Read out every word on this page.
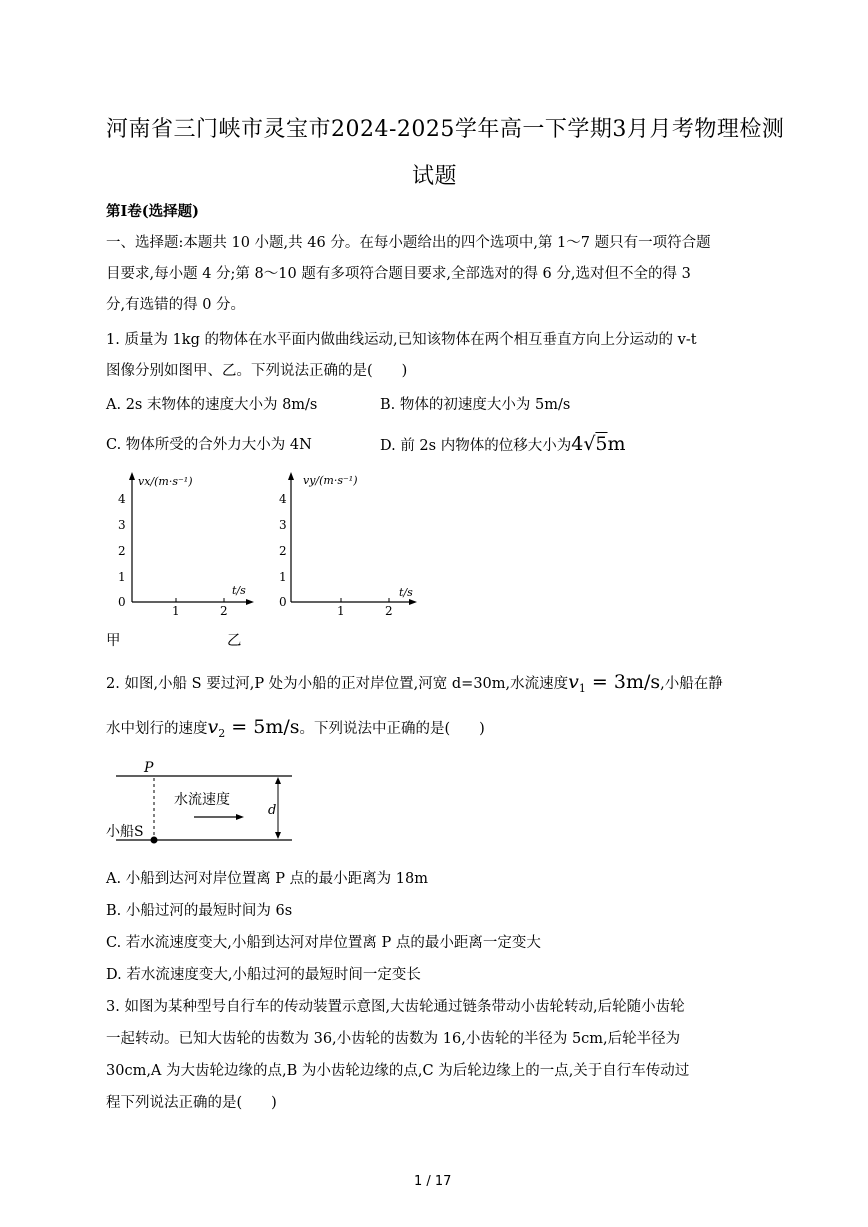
河南省三门峡市灵宝市2024-2025学年高一下学期3月月考物理检测
试题
第Ⅰ卷(选择题)
一、选择题:本题共 10 小题,共 46 分。在每小题给出的四个选项中,第 1～7 题只有一项符合题
目要求,每小题 4 分;第 8～10 题有多项符合题目要求,全部选对的得 6 分,选对但不全的得 3
分,有选错的得 0 分。
1. 质量为 1kg 的物体在水平面内做曲线运动,已知该物体在两个相互垂直方向上分运动的 v-t
图像分别如图甲、乙。下列说法正确的是(　　)
A. 2s 末物体的速度大小为 8m/s	B. 物体的初速度大小为 5m/s
C. 物体所受的合外力大小为 4N	D. 前 2s 内物体的位移大小为4√5m
vx/(m·s⁻¹)
t/s
4
3
2
1
0
1	2
vy/(m·s⁻¹)
t/s
4
3
2
1
0
1	2
甲	乙
2. 如图,小船 S 要过河,P 处为小船的正对岸位置,河宽 d=30m,水流速度$v_1 = 3m/s$,小船在静
水中划行的速度$v_2 = 5m/s$。下列说法中正确的是(　　)
P
水流速度
d
小船S
A. 小船到达河对岸位置离 P 点的最小距离为 18m
B. 小船过河的最短时间为 6s
C. 若水流速度变大,小船到达河对岸位置离 P 点的最小距离一定变大
D. 若水流速度变大,小船过河的最短时间一定变长
3. 如图为某种型号自行车的传动装置示意图,大齿轮通过链条带动小齿轮转动,后轮随小齿轮
一起转动。已知大齿轮的齿数为 36,小齿轮的齿数为 16,小齿轮的半径为 5cm,后轮半径为
30cm,A 为大齿轮边缘的点,B 为小齿轮边缘的点,C 为后轮边缘上的一点,关于自行车传动过
程下列说法正确的是(　　)
1 / 17
